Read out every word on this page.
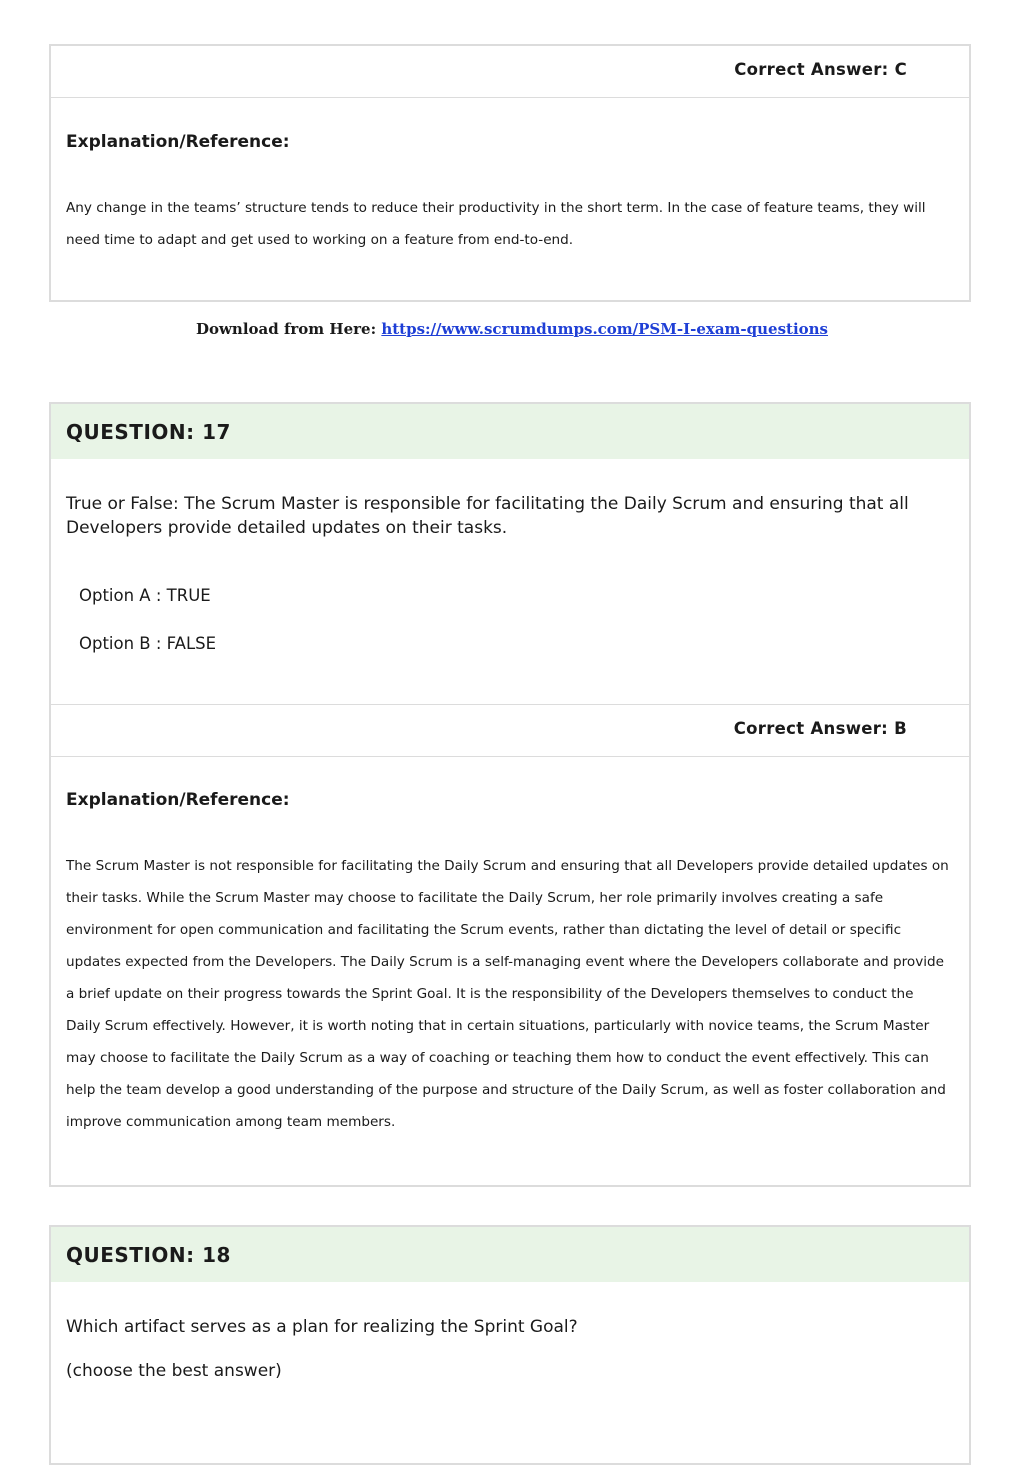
Correct Answer: C
Explanation/Reference:
Any change in the teams’ structure tends to reduce their productivity in the short term. In the case of feature teams, they will need time to adapt and get used to working on a feature from end-to-end.
Download from Here: https://www.scrumdumps.com/PSM-I-exam-questions
QUESTION: 17
True or False: The Scrum Master is responsible for facilitating the Daily Scrum and ensuring that all Developers provide detailed updates on their tasks.
Option A : TRUE
Option B : FALSE
Correct Answer: B
Explanation/Reference:
The Scrum Master is not responsible for facilitating the Daily Scrum and ensuring that all Developers provide detailed updates on their tasks. While the Scrum Master may choose to facilitate the Daily Scrum, her role primarily involves creating a safe environment for open communication and facilitating the Scrum events, rather than dictating the level of detail or specific updates expected from the Developers. The Daily Scrum is a self-managing event where the Developers collaborate and provide a brief update on their progress towards the Sprint Goal. It is the responsibility of the Developers themselves to conduct the Daily Scrum effectively. However, it is worth noting that in certain situations, particularly with novice teams, the Scrum Master may choose to facilitate the Daily Scrum as a way of coaching or teaching them how to conduct the event effectively. This can help the team develop a good understanding of the purpose and structure of the Daily Scrum, as well as foster collaboration and improve communication among team members.
QUESTION: 18
Which artifact serves as a plan for realizing the Sprint Goal?
(choose the best answer)
